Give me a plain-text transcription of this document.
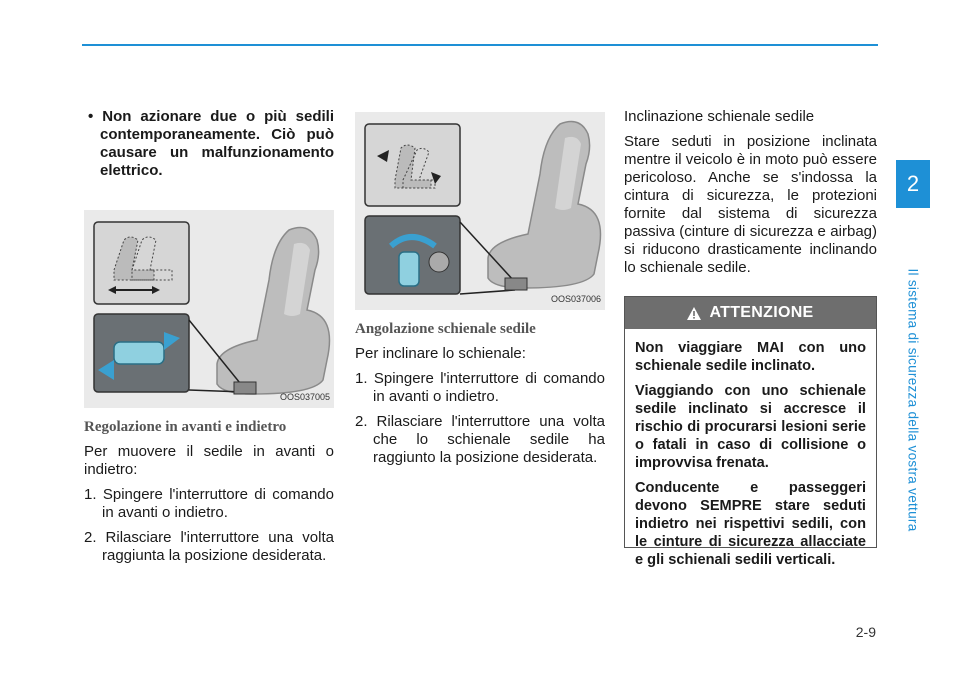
• Non azionare due o più sedili contemporaneamente. Ciò può causare un malfunzionamento elettrico.

OOS037005
Regolazione in avanti e indietro

Per muovere il sedile in avanti o indietro:

1. Spingere l'interruttore di comando in avanti o indietro.

2. Rilasciare l'interruttore una volta raggiunta la posizione desiderata.

OOS037006
Angolazione schienale sedile

Per inclinare lo schienale:

1. Spingere l'interruttore di comando in avanti o indietro.

2. Rilasciare l'interruttore una volta che lo schienale sedile ha raggiunto la posizione desiderata.

Inclinazione schienale sedile

Stare seduti in posizione inclinata mentre il veicolo è in moto può essere pericoloso. Anche se s'indossa la cintura di sicurezza, le protezioni fornite dal sistema di sicurezza passiva (cinture di sicurezza e airbag) si riducono drasticamente inclinando lo schienale sedile.

ATTENZIONE

Non viaggiare MAI con uno schienale sedile inclinato.

Viaggiando con uno schienale sedile inclinato si accresce il rischio di procurarsi lesioni serie o fatali in caso di collisione o improvvisa frenata.

Conducente e passeggeri devono SEMPRE stare seduti indietro nei rispettivi sedili, con le cinture di sicurezza allacciate e gli schienali sedili verticali.

2
Il sistema di sicurezza della vostra vettura
2-9
